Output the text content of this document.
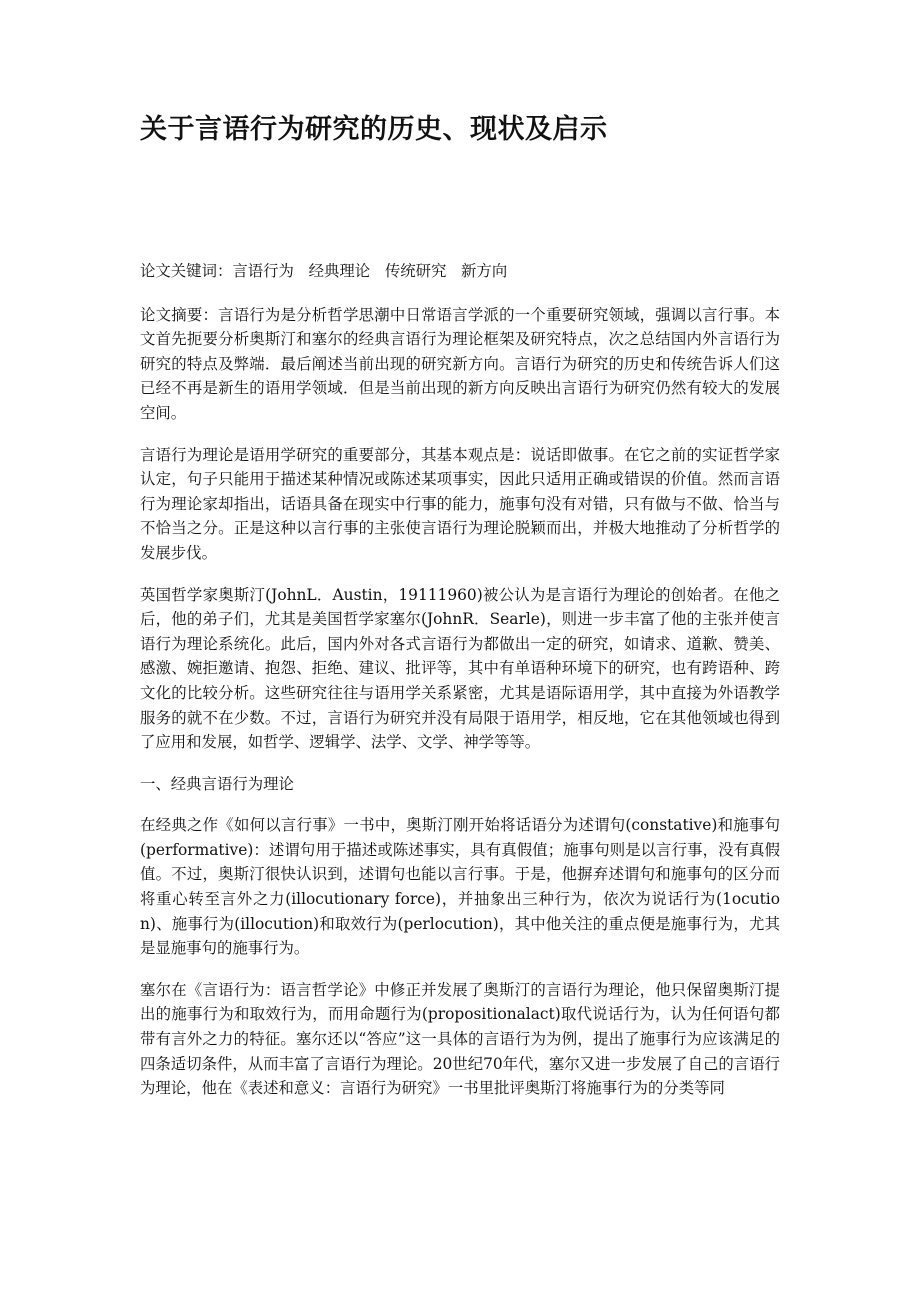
关于言语行为研究的历史、现状及启示

论文关键词：言语行为   经典理论   传统研究   新方向

论文摘要：言语行为是分析哲学思潮中日常语言学派的一个重要研究领域，强调以言行事。本文首先扼要分析奥斯汀和塞尔的经典言语行为理论框架及研究特点，次之总结国内外言语行为研究的特点及弊端．最后阐述当前出现的研究新方向。言语行为研究的历史和传统告诉人们这已经不再是新生的语用学领域．但是当前出现的新方向反映出言语行为研究仍然有较大的发展空间。

言语行为理论是语用学研究的重要部分，其基本观点是：说话即做事。在它之前的实证哲学家认定，句子只能用于描述某种情况或陈述某项事实，因此只适用正确或错误的价值。然而言语行为理论家却指出，话语具备在现实中行事的能力，施事句没有对错，只有做与不做、恰当与不恰当之分。正是这种以言行事的主张使言语行为理论脱颖而出，并极大地推动了分析哲学的发展步伐。

英国哲学家奥斯汀(JohnL．Austin，19111960)被公认为是言语行为理论的创始者。在他之后，他的弟子们，尤其是美国哲学家塞尔(JohnR．Searle)，则进一步丰富了他的主张并使言语行为理论系统化。此后，国内外对各式言语行为都做出一定的研究，如请求、道歉、赞美、感激、婉拒邀请、抱怨、拒绝、建议、批评等，其中有单语种环境下的研究，也有跨语种、跨文化的比较分析。这些研究往往与语用学关系紧密，尤其是语际语用学，其中直接为外语教学服务的就不在少数。不过，言语行为研究并没有局限于语用学，相反地，它在其他领域也得到了应用和发展，如哲学、逻辑学、法学、文学、神学等等。

一、经典言语行为理论

在经典之作《如何以言行事》一书中，奥斯汀刚开始将话语分为述谓句(constative)和施事句(performative)：述谓句用于描述或陈述事实，具有真假值；施事句则是以言行事，没有真假值。不过，奥斯汀很快认识到，述谓句也能以言行事。于是，他摒弃述谓句和施事句的区分而将重心转至言外之力(illocutionary force)，并抽象出三种行为，依次为说话行为(1ocution)、施事行为(illocution)和取效行为(perlocution)，其中他关注的重点便是施事行为，尤其是显施事句的施事行为。

塞尔在《言语行为：语言哲学论》中修正并发展了奥斯汀的言语行为理论，他只保留奥斯汀提出的施事行为和取效行为，而用命题行为(propositionalact)取代说话行为，认为任何语句都带有言外之力的特征。塞尔还以“答应”这一具体的言语行为为例，提出了施事行为应该满足的四条适切条件，从而丰富了言语行为理论。20世纪70年代，塞尔又进一步发展了自己的言语行为理论，他在《表述和意义：言语行为研究》一书里批评奥斯汀将施事行为的分类等同
